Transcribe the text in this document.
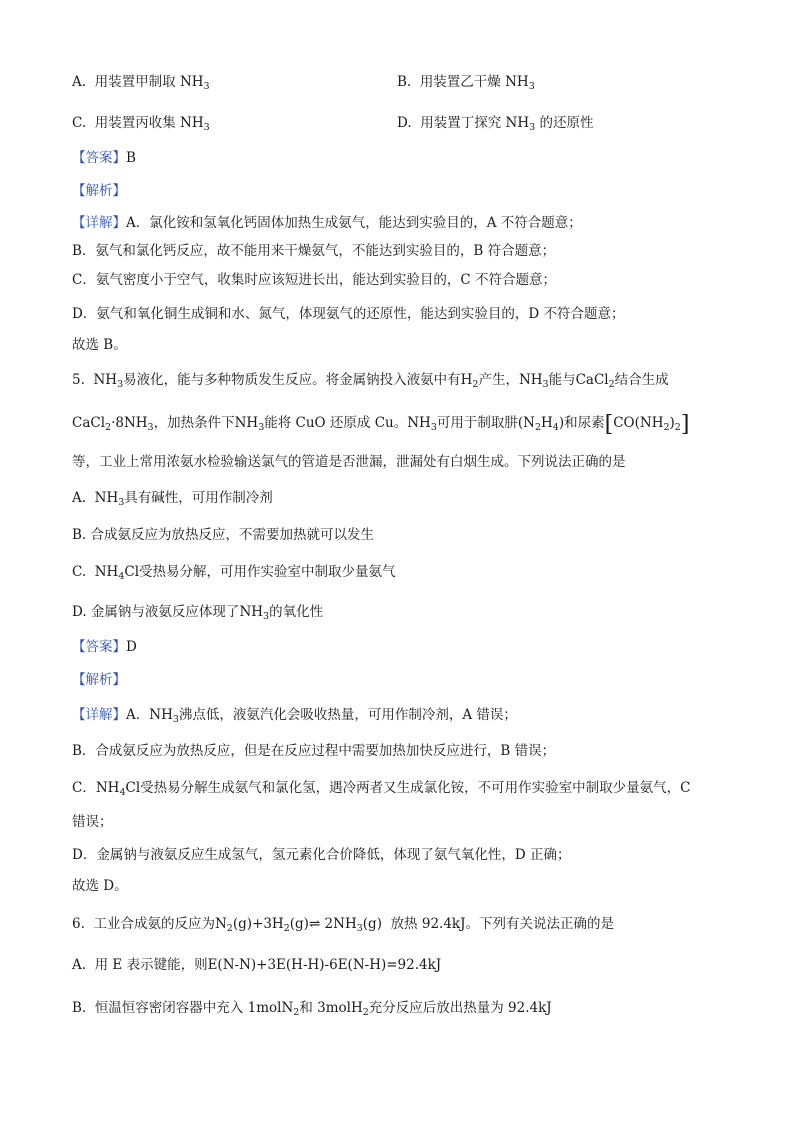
A. 用装置甲制取 $NH_3$	B. 用装置乙干燥 $NH_3$
C. 用装置丙收集 $NH_3$	D. 用装置丁探究 $NH_3$ 的还原性
【答案】B
【解析】
【详解】A．氯化铵和氢氧化钙固体加热生成氨气，能达到实验目的，A 不符合题意；
B．氨气和氯化钙反应，故不能用来干燥氨气，不能达到实验目的，B 符合题意；
C．氨气密度小于空气，收集时应该短进长出，能达到实验目的，C 不符合题意；
D．氨气和氧化铜生成铜和水、氮气，体现氨气的还原性，能达到实验目的，D 不符合题意；
故选 B。
5. $NH_3$易液化，能与多种物质发生反应。将金属钠投入液氨中有$H_2$产生，$NH_3$能与CaCl$_2$结合生成
$CaCl_2\cdot 8NH_3$，加热条件下$NH_3$能将 CuO 还原成 Cu。$NH_3$可用于制取肼$(N_2H_4)$和尿素$[CO(NH_2)_2]$
等，工业上常用浓氨水检验输送氯气的管道是否泄漏，泄漏处有白烟生成。下列说法正确的是
A. $NH_3$具有碱性，可用作制冷剂
B. 合成氨反应为放热反应，不需要加热就可以发生
C. $NH_4Cl$受热易分解，可用作实验室中制取少量氨气
D. 金属钠与液氨反应体现了$NH_3$的氧化性
【答案】D
【解析】
【详解】A．$NH_3$沸点低，液氨汽化会吸收热量，可用作制冷剂，A 错误；
B．合成氨反应为放热反应，但是在反应过程中需要加热加快反应进行，B 错误；
C．$NH_4Cl$受热易分解生成氨气和氯化氢，遇冷两者又生成氯化铵，不可用作实验室中制取少量氨气，C
错误；
D．金属钠与液氨反应生成氢气，氢元素化合价降低，体现了氨气氧化性，D 正确；
故选 D。
6. 工业合成氨的反应为$N_2(g)+3H_2(g)\rightleftharpoons$ $2NH_3(g)$ 放热 92.4kJ。下列有关说法正确的是
A. 用 E 表示键能，则E(N-N)+3E(H-H)-6E(N-H)=92.4kJ
B. 恒温恒容密闭容器中充入 1molN$_2$和 3molH$_2$充分反应后放出热量为 92.4kJ
